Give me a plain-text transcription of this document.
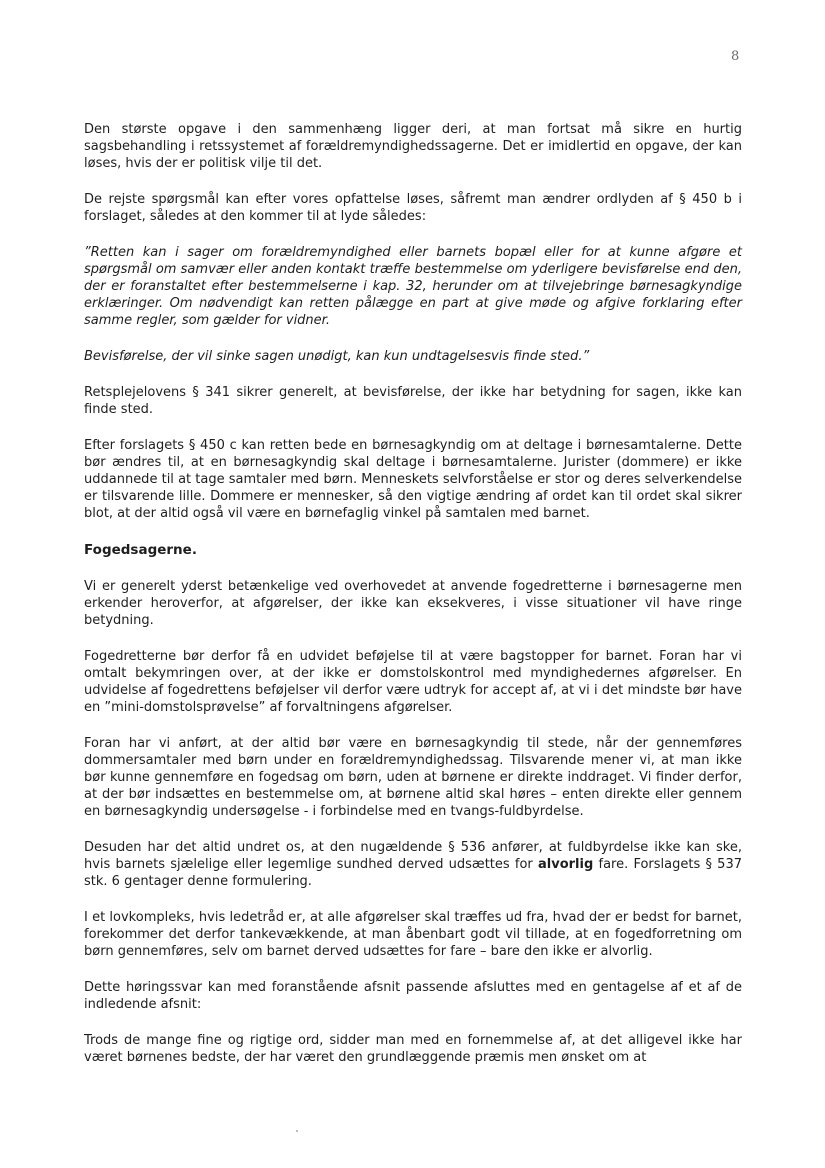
8

Den største opgave i den sammenhæng ligger deri, at man fortsat må sikre en hurtig sagsbehandling i retssystemet af forældremyndighedssagerne. Det er imidlertid en opgave, der kan løses, hvis der er politisk vilje til det.

De rejste spørgsmål kan efter vores opfattelse løses, såfremt man ændrer ordlyden af § 450 b i forslaget, således at den kommer til at lyde således:

”Retten kan i sager om forældremyndighed eller barnets bopæl eller for at kunne afgøre et spørgsmål om samvær eller anden kontakt træffe bestemmelse om yderligere bevisførelse end den, der er foranstaltet efter bestemmelserne i kap. 32, herunder om at tilvejebringe børnesagkyndige erklæringer. Om nødvendigt kan retten pålægge en part at give møde og afgive forklaring efter samme regler, som gælder for vidner.

Bevisførelse, der vil sinke sagen unødigt, kan kun undtagelsesvis finde sted.”

Retsplejelovens § 341 sikrer generelt, at bevisførelse, der ikke har betydning for sagen, ikke kan finde sted.

Efter forslagets § 450 c kan retten bede en børnesagkyndig om at deltage i børnesamtalerne. Dette bør ændres til, at en børnesagkyndig skal deltage i børnesamtalerne. Jurister (dommere) er ikke uddannede til at tage samtaler med børn. Menneskets selvforståelse er stor og deres selverkendelse er tilsvarende lille. Dommere er mennesker, så den vigtige ændring af ordet kan til ordet skal sikrer blot, at der altid også vil være en børnefaglig vinkel på samtalen med barnet.

Fogedsagerne.

Vi er generelt yderst betænkelige ved overhovedet at anvende fogedretterne i børnesagerne men erkender heroverfor, at afgørelser, der ikke kan eksekveres, i visse situationer vil have ringe betydning.

Fogedretterne bør derfor få en udvidet beføjelse til at være bagstopper for barnet. Foran har vi omtalt bekymringen over, at der ikke er domstolskontrol med myndighedernes afgørelser. En udvidelse af fogedrettens beføjelser vil derfor være udtryk for accept af, at vi i det mindste bør have en ”mini-domstolsprøvelse” af forvaltningens afgørelser.

Foran har vi anført, at der altid bør være en børnesagkyndig til stede, når der gennemføres dommersamtaler med børn under en forældremyndighedssag. Tilsvarende mener vi, at man ikke bør kunne gennemføre en fogedsag om børn, uden at børnene er direkte inddraget. Vi finder derfor, at der bør indsættes en bestemmelse om, at børnene altid skal høres – enten direkte eller gennem en børnesagkyndig undersøgelse - i forbindelse med en tvangs-fuldbyrdelse.

Desuden har det altid undret os, at den nugældende § 536 anfører, at fuldbyrdelse ikke kan ske, hvis barnets sjælelige eller legemlige sundhed derved udsættes for alvorlig fare. Forslagets § 537 stk. 6 gentager denne formulering.

I et lovkompleks, hvis ledetråd er, at alle afgørelser skal træffes ud fra, hvad der er bedst for barnet, forekommer det derfor tankevækkende, at man åbenbart godt vil tillade, at en fogedforretning om børn gennemføres, selv om barnet derved udsættes for fare – bare den ikke er alvorlig.

Dette høringssvar kan med foranstående afsnit passende afsluttes med en gentagelse af et af de indledende afsnit:

Trods de mange fine og rigtige ord, sidder man med en fornemmelse af, at det alligevel ikke har været børnenes bedste, der har været den grundlæggende præmis men ønsket om at
